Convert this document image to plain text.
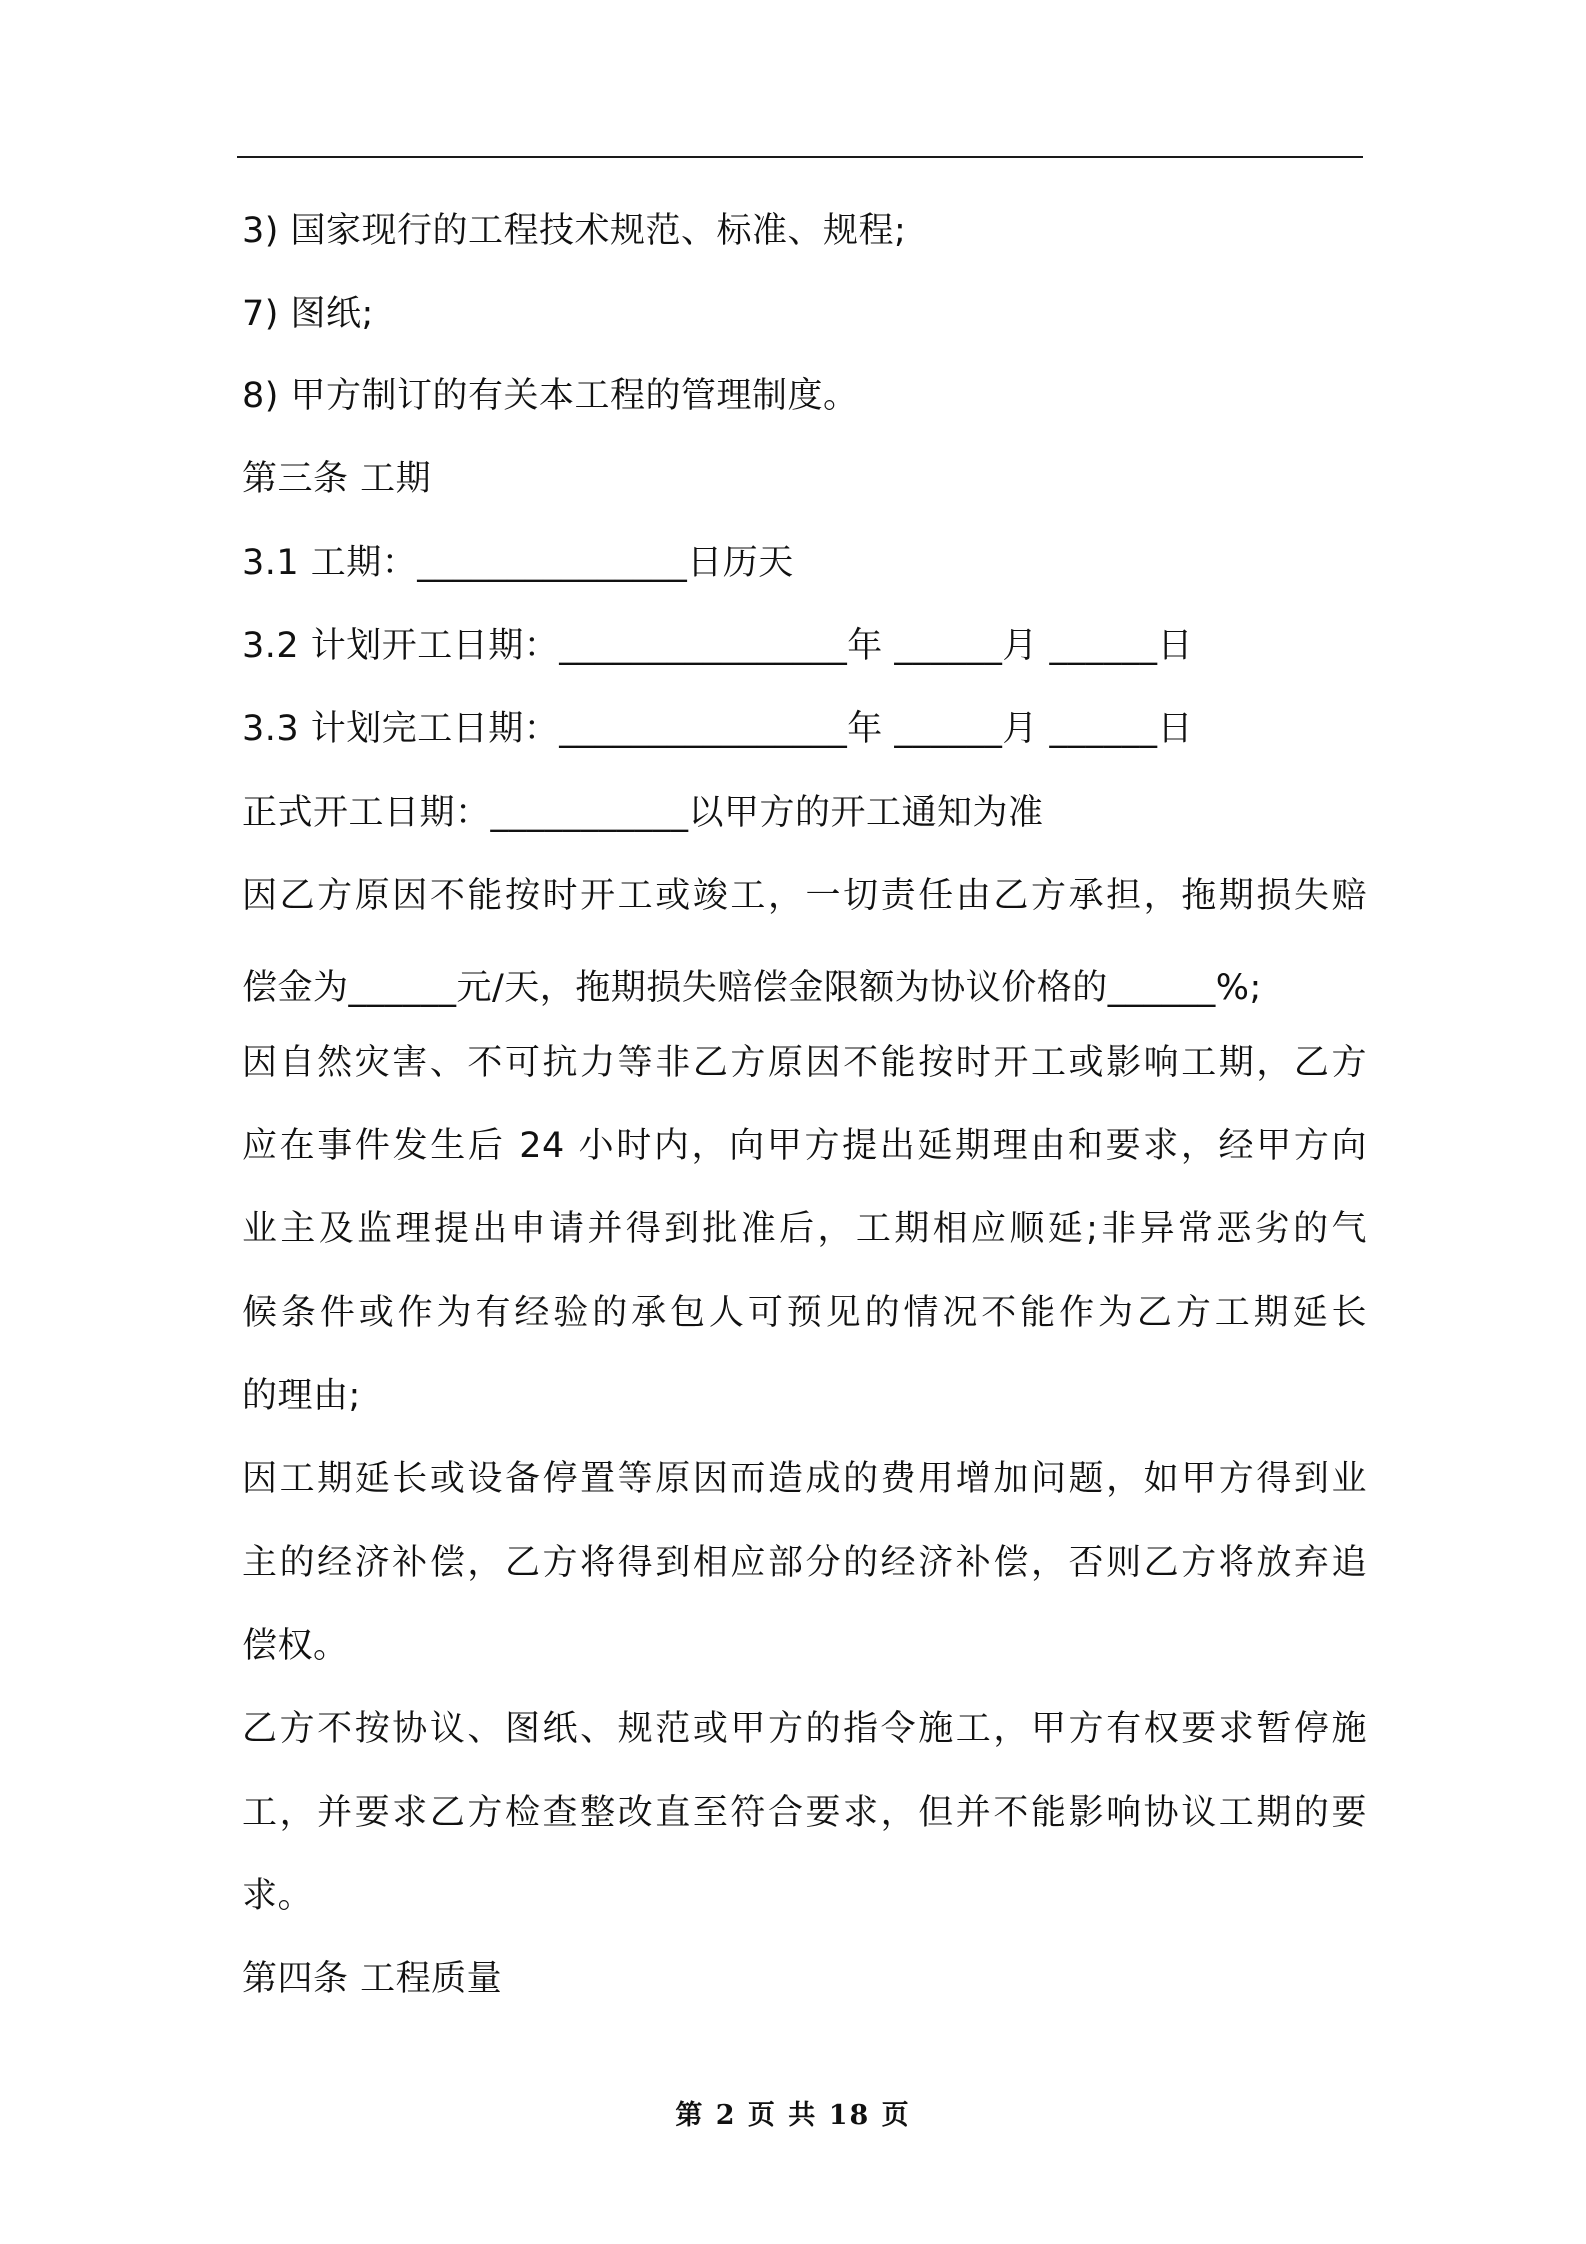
3) 国家现行的工程技术规范、标准、规程;
7) 图纸;
8) 甲方制订的有关本工程的管理制度。
第三条 工期
3.1 工期：_______________日历天
3.2 计划开工日期：________________年 ______月 ______日
3.3 计划完工日期：________________年 ______月 ______日
正式开工日期：___________以甲方的开工通知为准
因乙方原因不能按时开工或竣工，一切责任由乙方承担，拖期损失赔
偿金为______元/天，拖期损失赔偿金限额为协议价格的______%;
因自然灾害、不可抗力等非乙方原因不能按时开工或影响工期，乙方
应在事件发生后 24 小时内，向甲方提出延期理由和要求，经甲方向
业主及监理提出申请并得到批准后，工期相应顺延;非异常恶劣的气
候条件或作为有经验的承包人可预见的情况不能作为乙方工期延长
的理由;
因工期延长或设备停置等原因而造成的费用增加问题，如甲方得到业
主的经济补偿，乙方将得到相应部分的经济补偿，否则乙方将放弃追
偿权。
乙方不按协议、图纸、规范或甲方的指令施工，甲方有权要求暂停施
工，并要求乙方检查整改直至符合要求，但并不能影响协议工期的要
求。
第四条 工程质量
第 2 页 共 18 页
